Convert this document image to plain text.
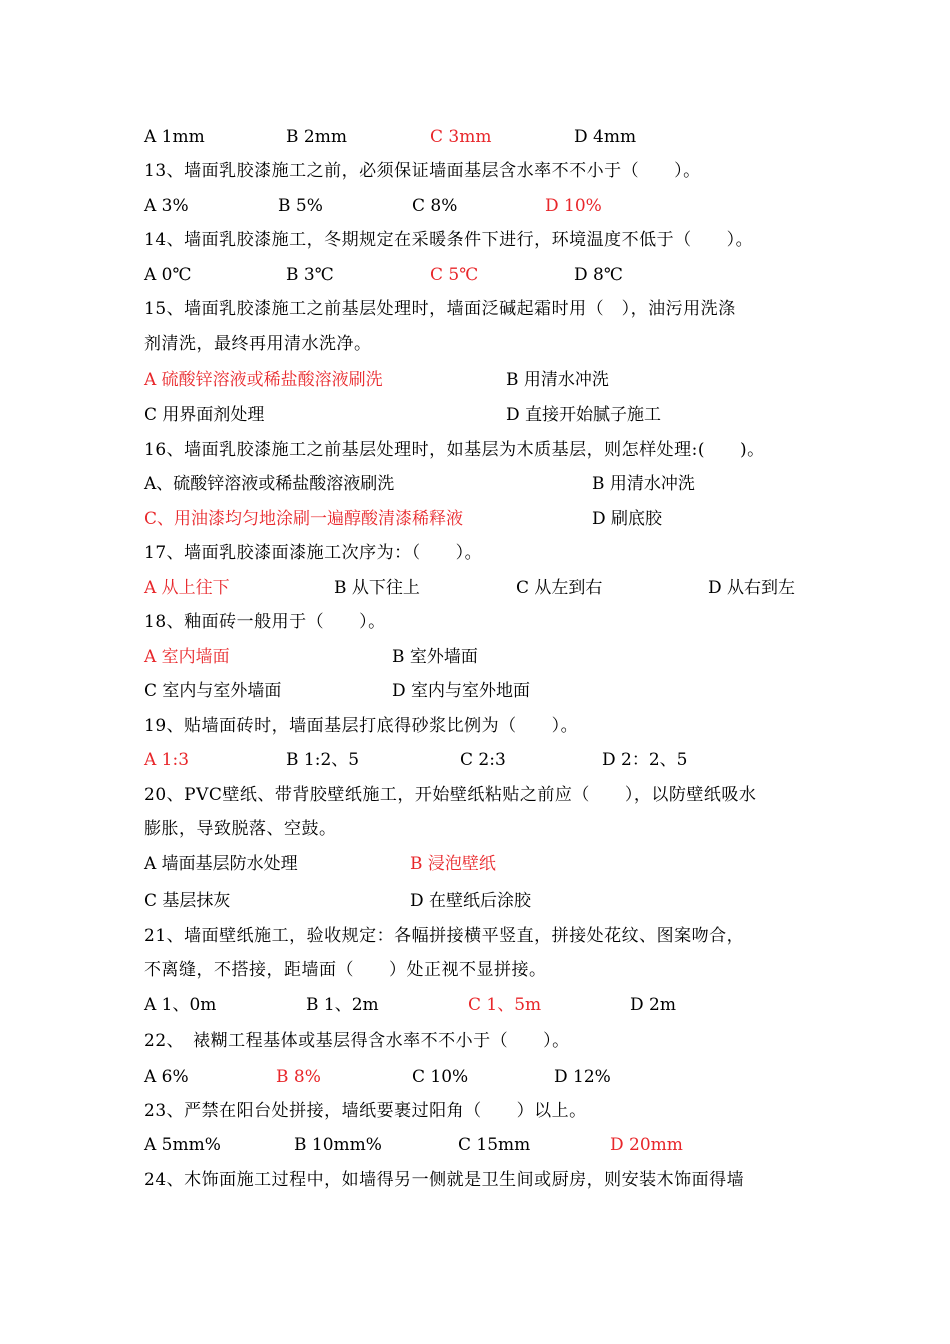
A 1mm	B 2mm	C 3mm	D 4mm
13、墙面乳胶漆施工之前，必须保证墙面基层含水率不不小于（　　）。
A 3%	B 5%	C 8%	D 10%
14、墙面乳胶漆施工，冬期规定在采暖条件下进行，环境温度不低于（　　）。
A 0℃	B 3℃	C 5℃	D 8℃
15、墙面乳胶漆施工之前基层处理时，墙面泛碱起霜时用（　），油污用洗涤
剂清洗，最终再用清水洗净。
A 硫酸锌溶液或稀盐酸溶液刷洗	B 用清水冲洗
C 用界面剂处理	D 直接开始腻子施工
16、墙面乳胶漆施工之前基层处理时，如基层为木质基层，则怎样处理:(　　)。
A、硫酸锌溶液或稀盐酸溶液刷洗	B 用清水冲洗
C、用油漆均匀地涂刷一遍醇酸清漆稀释液	D 刷底胶
17、墙面乳胶漆面漆施工次序为：（　　）。
A 从上往下	B 从下往上	C 从左到右	D 从右到左
18、釉面砖一般用于（　　）。
A 室内墙面	B 室外墙面
C 室内与室外墙面	D 室内与室外地面
19、贴墙面砖时，墙面基层打底得砂浆比例为（　　）。
A 1:3	B 1:2、5	C 2:3	D 2：2、5
20、PVC壁纸、带背胶壁纸施工，开始壁纸粘贴之前应（　　），以防壁纸吸水
膨胀，导致脱落、空鼓。
A 墙面基层防水处理	B 浸泡壁纸
C 基层抹灰	D 在壁纸后涂胶
21、墙面壁纸施工，验收规定：各幅拼接横平竖直，拼接处花纹、图案吻合，
不离缝，不搭接，距墙面（　　）处正视不显拼接。
A 1、0m	B 1、2m	C 1、5m	D 2m
22、　裱糊工程基体或基层得含水率不不小于（　　）。
A 6%	B 8%	C 10%	D 12%
23、严禁在阳台处拼接，墙纸要裹过阳角（　　）以上。
A 5mm%	B 10mm%	C 15mm	D 20mm
24、木饰面施工过程中，如墙得另一侧就是卫生间或厨房，则安装木饰面得墙
